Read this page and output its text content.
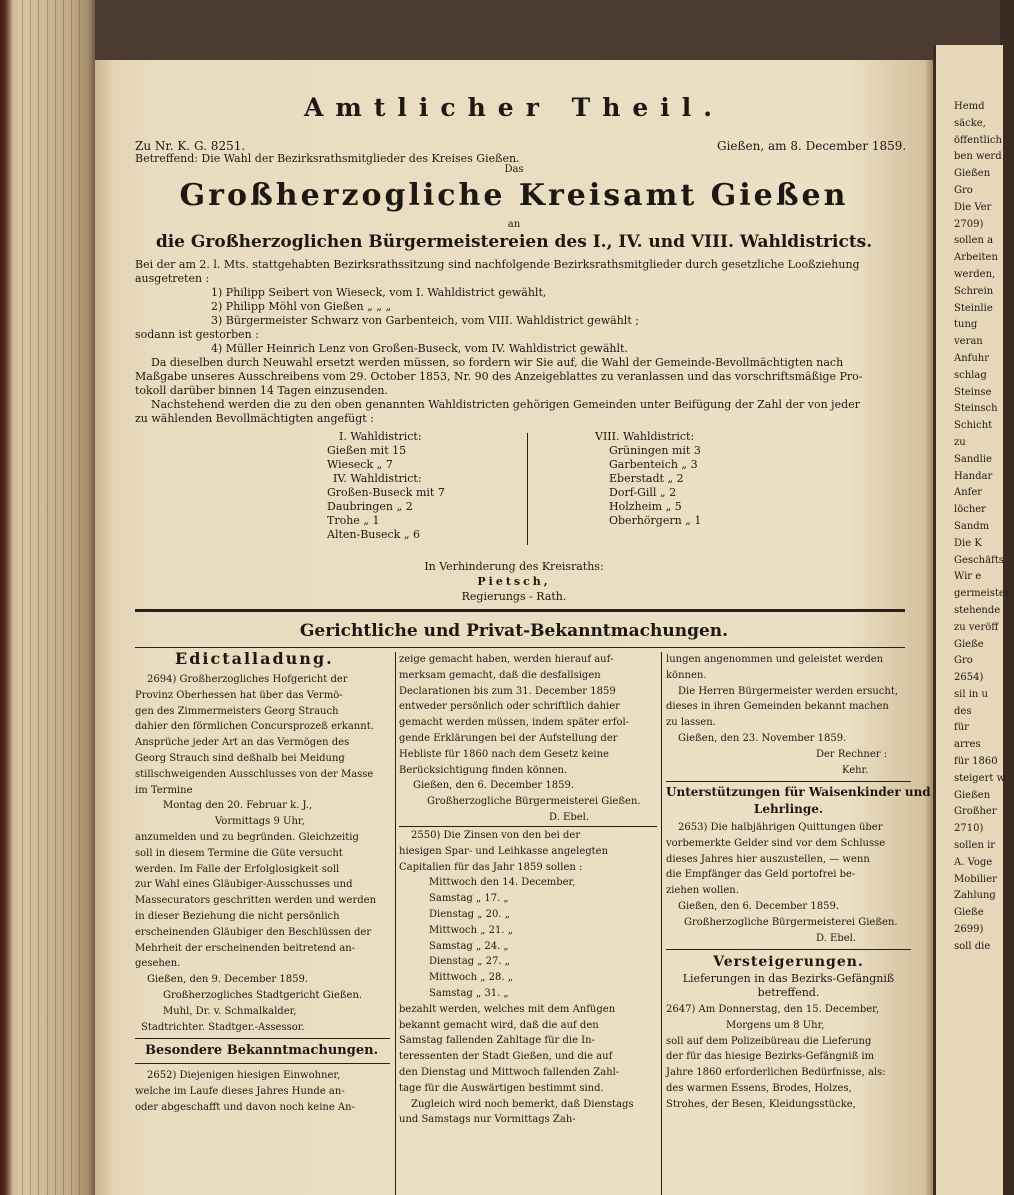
Amtlicher Theil.
Zu Nr. K. G. 8251.	Gießen, am 8. December 1859.
Betreffend: Die Wahl der Bezirksrathsmitglieder des Kreises Gießen.
Das
Großherzogliche Kreisamt Gießen
an
die Großherzoglichen Bürgermeistereien des I., IV. und VIII. Wahldistricts.
Bei der am 2. l. Mts. stattgehabten Bezirksrathssitzung sind nachfolgende Bezirksrathsmitglieder durch gesetzliche Looßziehung
ausgetreten :
1) Philipp Seibert von Wieseck, vom I. Wahldistrict gewählt,
2) Philipp Möhl von Gießen „ „ „
3) Bürgermeister Schwarz von Garbenteich, vom VIII. Wahldistrict gewählt ;
sodann ist gestorben :
4) Müller Heinrich Lenz von Großen-Buseck, vom IV. Wahldistrict gewählt.
Da dieselben durch Neuwahl ersetzt werden müssen, so fordern wir Sie auf, die Wahl der Gemeinde-Bevollmächtigten nach
Maßgabe unseres Ausschreibens vom 29. October 1853, Nr. 90 des Anzeigeblattes zu veranlassen und das vorschriftsmäßige Pro-
tokoll darüber binnen 14 Tagen einzusenden.
Nachstehend werden die zu den oben genannten Wahldistricten gehörigen Gemeinden unter Beifügung der Zahl der von jeder
zu wählenden Bevollmächtigten angefügt :
I. Wahldistrict:
Gießen mit 15
Wieseck „ 7
IV. Wahldistrict:
Großen-Buseck mit 7
Daubringen „ 2
Trohe „ 1
Alten-Buseck „ 6
VIII. Wahldistrict:
Grüningen mit 3
Garbenteich „ 3
Eberstadt „ 2
Dorf-Gill „ 2
Holzheim „ 5
Oberhörgern „ 1
In Verhinderung des Kreisraths:
Pietsch,
Regierungs - Rath.
Gerichtliche und Privat-Bekanntmachungen.
Edictalladung.
2694) Großherzogliches Hofgericht der
Provinz Oberhessen hat über das Vermö-
gen des Zimmermeisters Georg Strauch
dahier den förmlichen Concursprozeß erkannt.
Ansprüche jeder Art an das Vermögen des
Georg Strauch sind deßhalb bei Meidung
stillschweigenden Ausschlusses von der Masse
im Termine
Montag den 20. Februar k. J.,
Vormittags 9 Uhr,
anzumelden und zu begründen. Gleichzeitig
soll in diesem Termine die Güte versucht
werden. Im Falle der Erfolglosigkeit soll
zur Wahl eines Gläubiger-Ausschusses und
Massecurators geschritten werden und werden
in dieser Beziehung die nicht persönlich
erscheinenden Gläubiger den Beschlüssen der
Mehrheit der erscheinenden beitretend an-
gesehen.
Gießen, den 9. December 1859.
Großherzogliches Stadtgericht Gießen.
Muhl, Dr. v. Schmalkalder,
Stadtrichter. Stadtger.-Assessor.
Besondere Bekanntmachungen.
2652) Diejenigen hiesigen Einwohner,
welche im Laufe dieses Jahres Hunde an-
oder abgeschafft und davon noch keine An-
zeige gemacht haben, werden hierauf auf-
merksam gemacht, daß die desfallsigen
Declarationen bis zum 31. December 1859
entweder persönlich oder schriftlich dahier
gemacht werden müssen, indem später erfol-
gende Erklärungen bei der Aufstellung der
Hebliste für 1860 nach dem Gesetz keine
Berücksichtigung finden können.
Gießen, den 6. December 1859.
Großherzogliche Bürgermeisterei Gießen.
D. Ebel.
2550) Die Zinsen von den bei der
hiesigen Spar- und Leihkasse angelegten
Capitalien für das Jahr 1859 sollen :
Mittwoch den 14. December,
Samstag „ 17. „
Dienstag „ 20. „
Mittwoch „ 21. „
Samstag „ 24. „
Dienstag „ 27. „
Mittwoch „ 28. „
Samstag „ 31. „
bezahlt werden, welches mit dem Anfügen
bekannt gemacht wird, daß die auf den
Samstag fallenden Zahltage für die In-
teressenten der Stadt Gießen, und die auf
den Dienstag und Mittwoch fallenden Zahl-
tage für die Auswärtigen bestimmt sind.
Zugleich wird noch bemerkt, daß Dienstags
und Samstags nur Vormittags Zah-
lungen angenommen und geleistet werden
können.
Die Herren Bürgermeister werden ersucht,
dieses in ihren Gemeinden bekannt machen
zu lassen.
Gießen, den 23. November 1859.
Der Rechner :
Kehr.
Unterstützungen für Waisenkinder und
Lehrlinge.
2653) Die halbjährigen Quittungen über
vorbemerkte Gelder sind vor dem Schlusse
dieses Jahres hier auszustellen, — wenn
die Empfänger das Geld portofrei be-
ziehen wollen.
Gießen, den 6. December 1859.
Großherzogliche Bürgermeisterei Gießen.
D. Ebel.
Versteigerungen.
Lieferungen in das Bezirks-Gefängniß
betreffend.
2647) Am Donnerstag, den 15. December,
Morgens um 8 Uhr,
soll auf dem Polizeibüreau die Lieferung
der für das hiesige Bezirks-Gefängniß im
Jahre 1860 erforderlichen Bedürfnisse, als:
des warmen Essens, Brodes, Holzes,
Strohes, der Besen, Kleidungsstücke,
Hemd
säcke,
öffentlich
ben werd
Gießen
Gro
Die Ver
2709)
sollen a
Arbeiten
werden,
Schrein
Steinlie
tung
veran
Anfuhr
schlag
Steinse
Steinsch
Schicht
zu
Sandlie
Handar
Anfer
löcher
Sandm
Die K
Geschäfts
Wir e
germeister
stehende
zu veröff
Gieße
Gro
2654)
sil in u
des
für
arres
für 1860
steigert w
Gießen
Großher
2710)
sollen ir
A. Voge
Mobilier
Zahlung
Gieße
2699)
soll die
